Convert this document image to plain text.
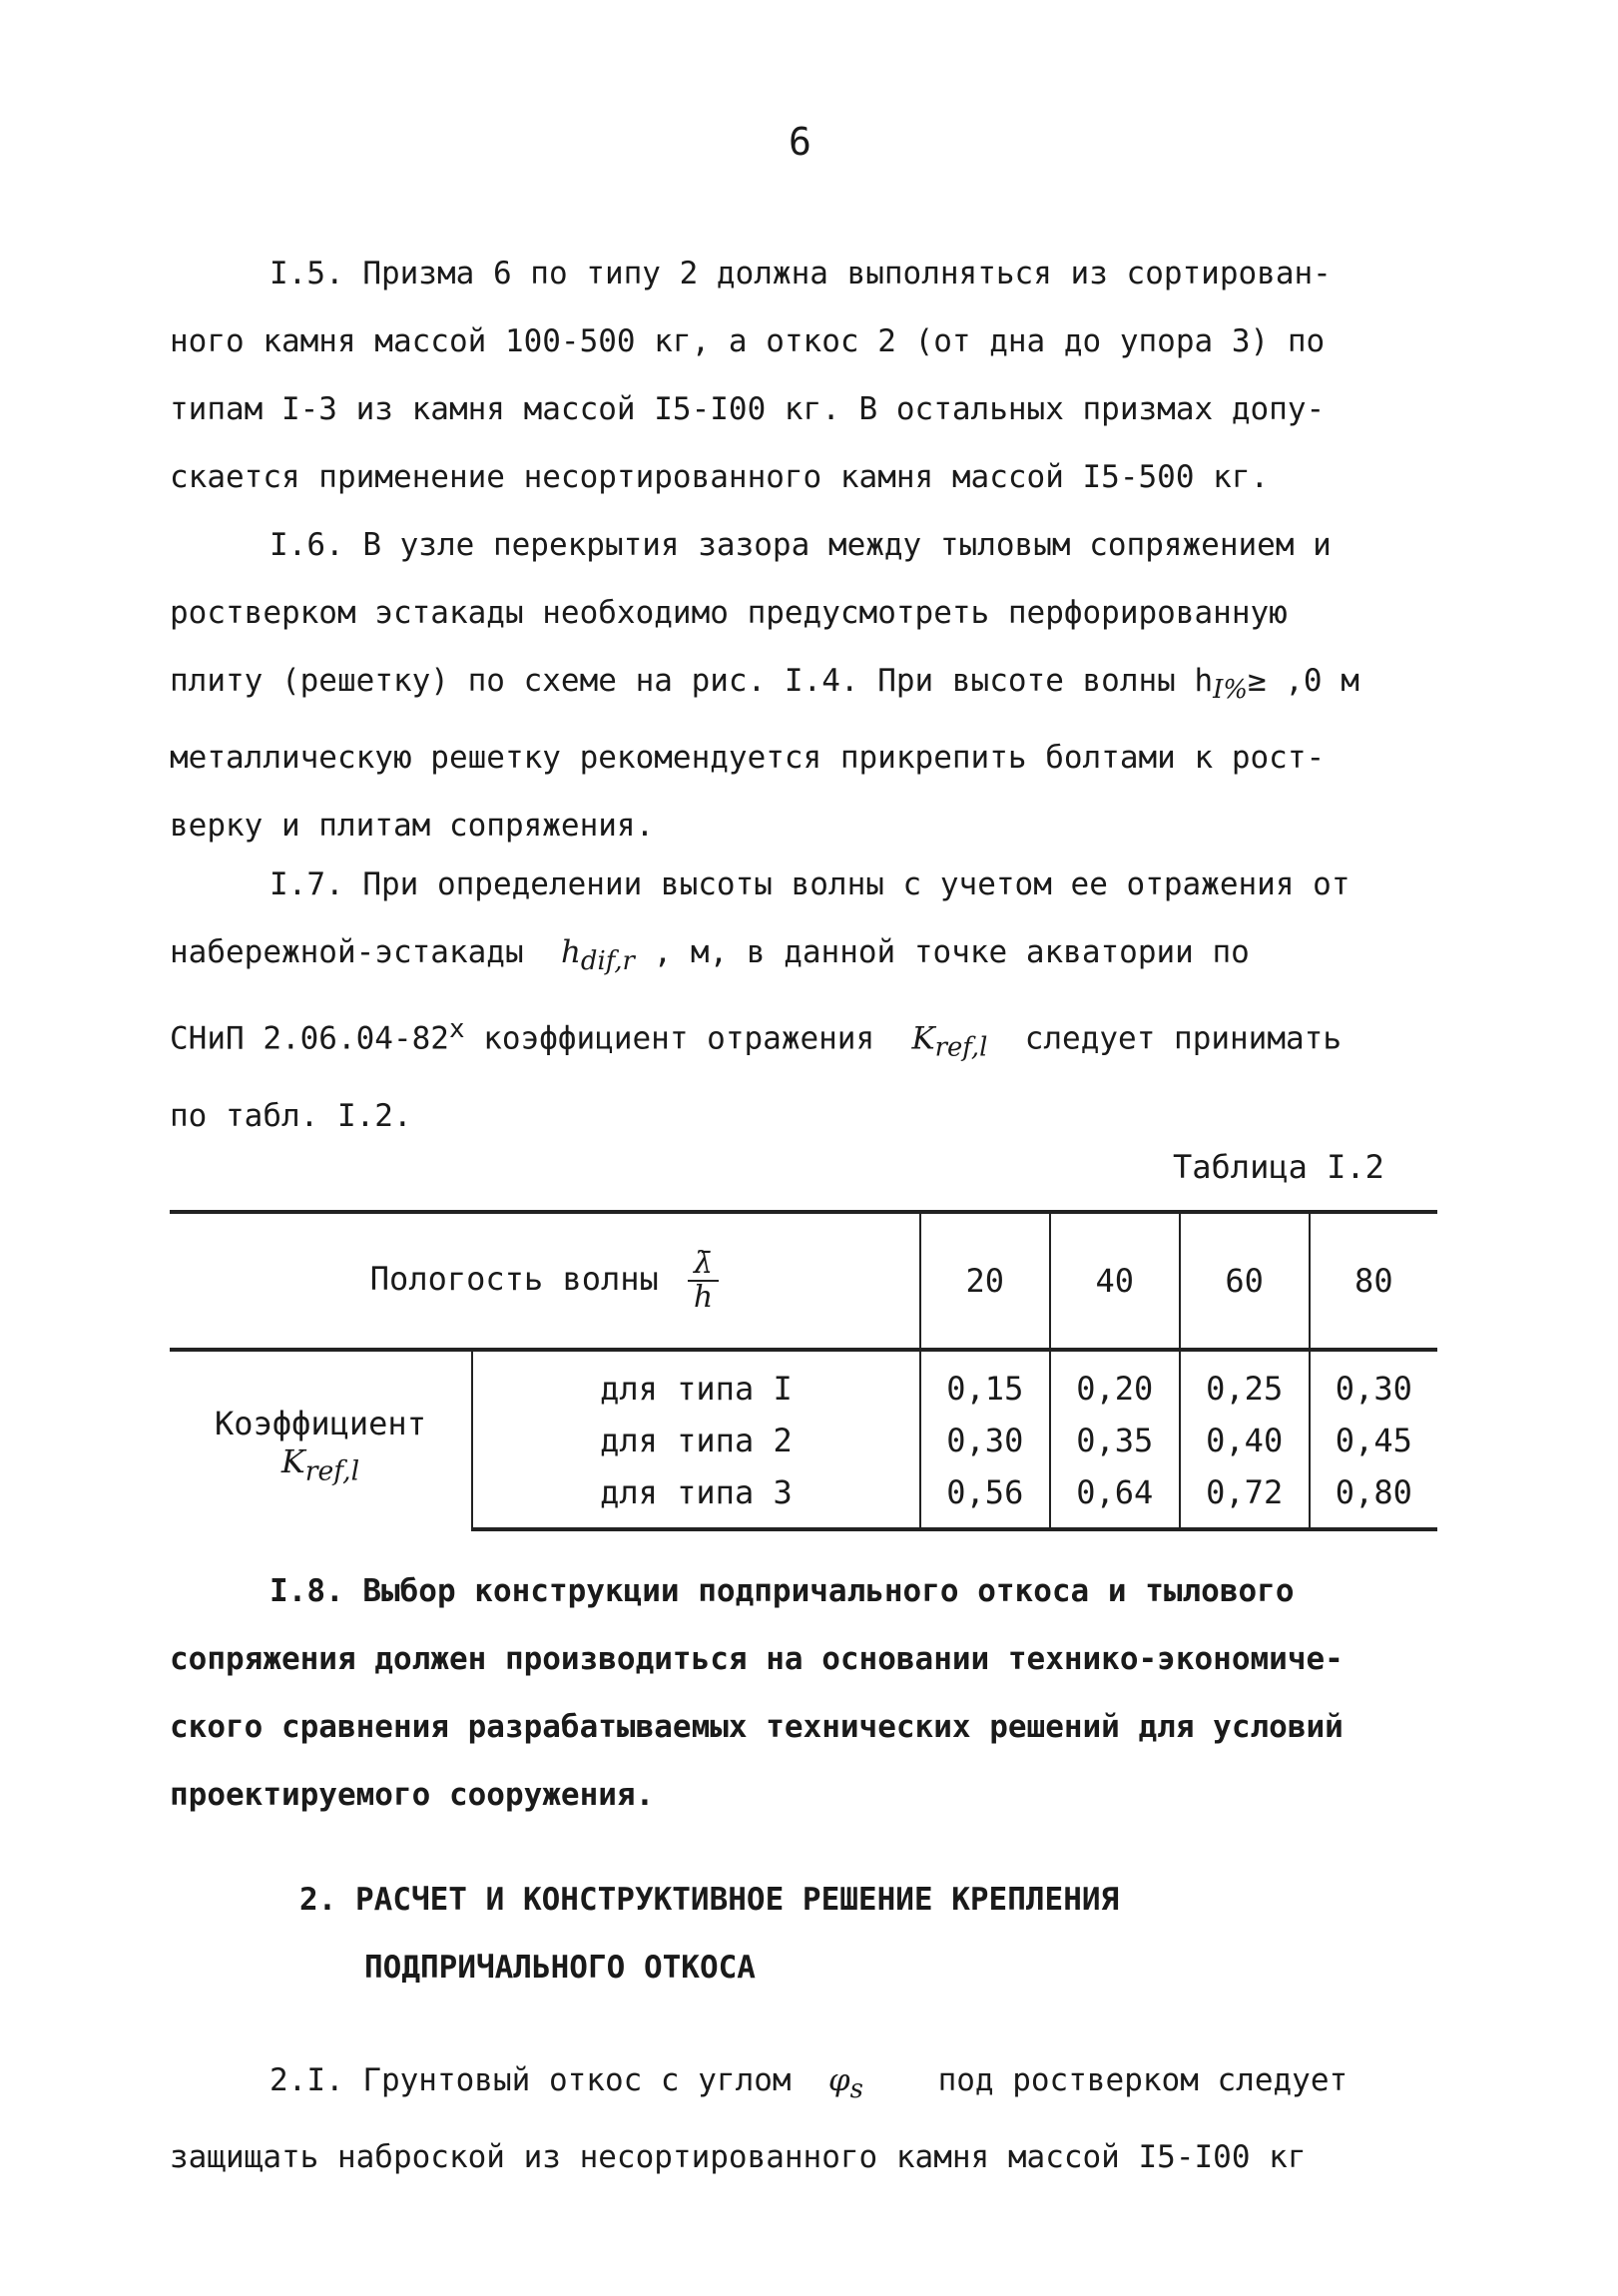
6
I.5. Призма 6 по типу 2 должна выполняться из сортирован-
ного камня массой 100-500 кг, а откос 2 (от дна до упора 3) по
типам I-3 из камня массой I5-I00 кг. В остальных призмах допу-
скается применение несортированного камня массой I5-500 кг.
I.6. В узле перекрытия зазора между тыловым сопряжением и
ростверком эстакады необходимо предусмотреть перфорированную
плиту (решетку) по схеме на рис. I.4. При высоте волны $h_{I\%}\ge ,0$ м
металлическую решетку рекомендуется прикрепить болтами к рост-
верку и плитам сопряжения.
I.7. При определении высоты волны с учетом ее отражения от
набережной-эстакады $h_{dif,r}$ , м, в данной точке акватории по
СНиП $2.06.04-82^х$ коэффициент отражения $K_{ref,l}$ следует принимать
по табл. I.2.
Таблица I.2
Пологость волны $\frac{\lambdā}{h}$		20	40	60	80

Коэффициент
$K_{ref,l}$	для типа I	0,15	0,20	0,25	0,30
	для типа 2	0,30	0,35	0,40	0,45
	для типа 3	0,56	0,64	0,72	0,80
I.8. Выбор конструкции подпричального откоса и тылового
сопряжения должен производиться на основании технико-экономиче-
ского сравнения разрабатываемых технических решений для условий
проектируемого сооружения.
2. РАСЧЕТ И КОНСТРУКТИВНОЕ РЕШЕНИЕ КРЕПЛЕНИЯ
ПОДПРИЧАЛЬНОГО ОТКОСА
2.I. Грунтовый откос с углом $\varphi_s$ под ростверком следует
защищать наброской из несортированного камня массой I5-I00 кг
